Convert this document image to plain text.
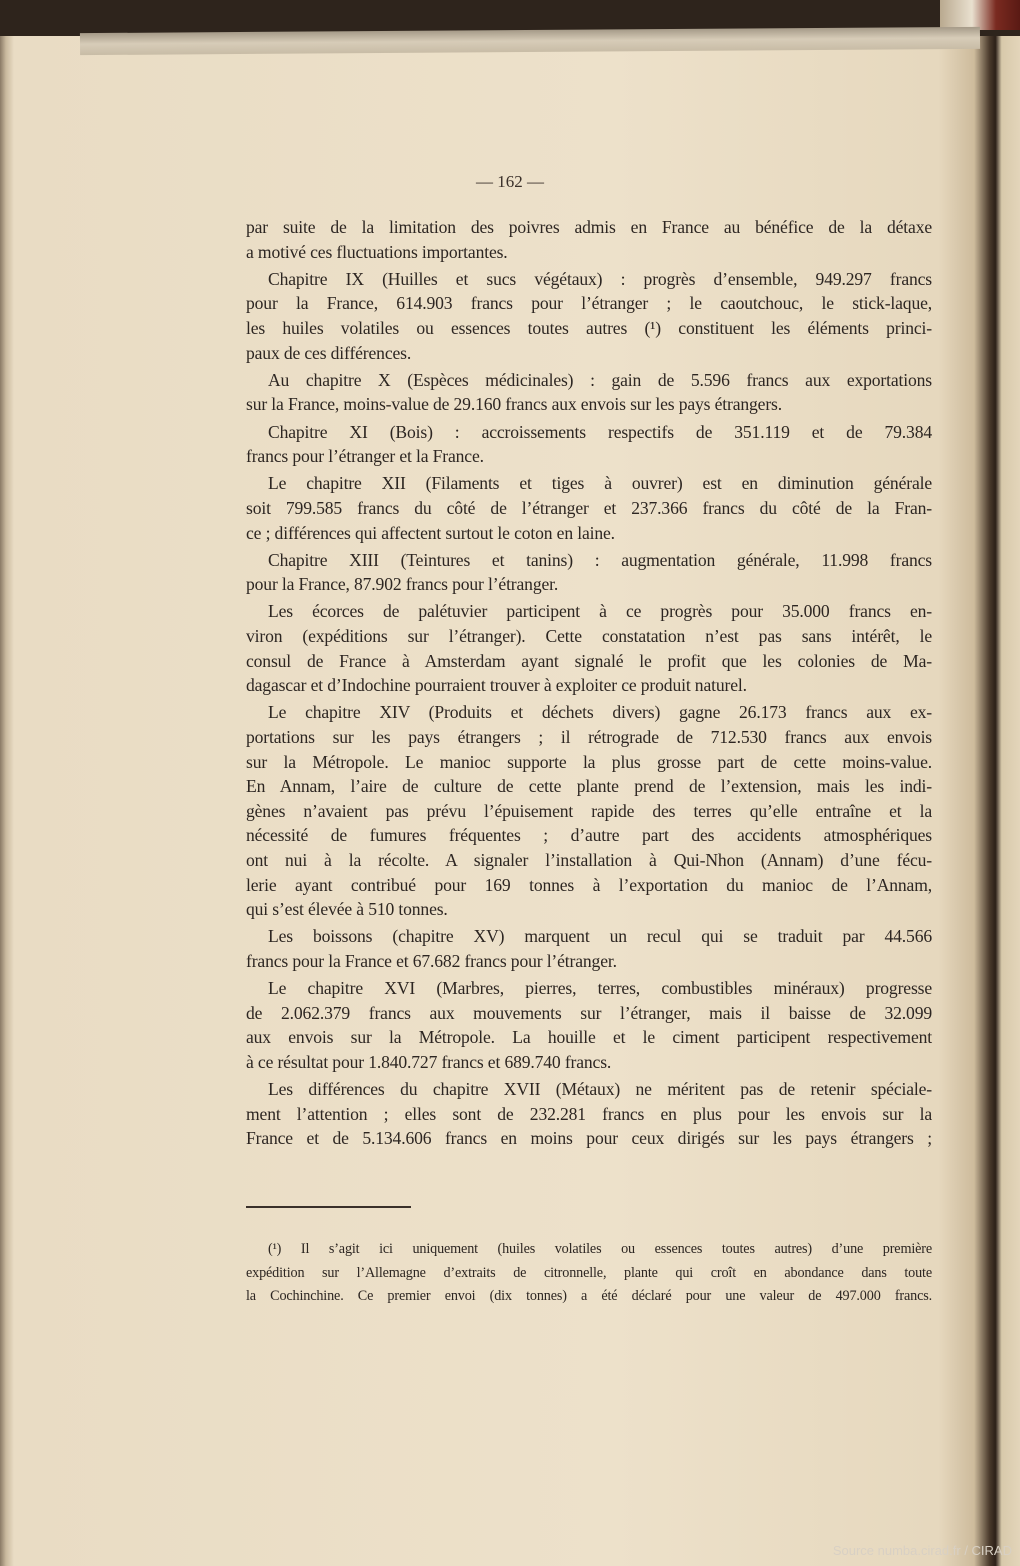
— 162 —
par suite de la limitation des poivres admis en France au bénéfice de la détaxe
a motivé ces fluctuations importantes.
Chapitre IX (Huilles et sucs végétaux) : progrès d’ensemble, 949.297 francs
pour la France, 614.903 francs pour l’étranger ; le caoutchouc, le stick-laque,
les huiles volatiles ou essences toutes autres (¹) constituent les éléments princi-
paux de ces différences.
Au chapitre X (Espèces médicinales) : gain de 5.596 francs aux exportations
sur la France, moins-value de 29.160 francs aux envois sur les pays étrangers.
Chapitre XI (Bois) : accroissements respectifs de 351.119 et de 79.384
francs pour l’étranger et la France.
Le chapitre XII (Filaments et tiges à ouvrer) est en diminution générale
soit 799.585 francs du côté de l’étranger et 237.366 francs du côté de la Fran-
ce ; différences qui affectent surtout le coton en laine.
Chapitre XIII (Teintures et tanins) : augmentation générale, 11.998 francs
pour la France, 87.902 francs pour l’étranger.
Les écorces de palétuvier participent à ce progrès pour 35.000 francs en-
viron (expéditions sur l’étranger). Cette constatation n’est pas sans intérêt, le
consul de France à Amsterdam ayant signalé le profit que les colonies de Ma-
dagascar et d’Indochine pourraient trouver à exploiter ce produit naturel.
Le chapitre XIV (Produits et déchets divers) gagne 26.173 francs aux ex-
portations sur les pays étrangers ; il rétrograde de 712.530 francs aux envois
sur la Métropole. Le manioc supporte la plus grosse part de cette moins-value.
En Annam, l’aire de culture de cette plante prend de l’extension, mais les indi-
gènes n’avaient pas prévu l’épuisement rapide des terres qu’elle entraîne et la
nécessité de fumures fréquentes ; d’autre part des accidents atmosphériques
ont nui à la récolte. A signaler l’installation à Qui-Nhon (Annam) d’une fécu-
lerie ayant contribué pour 169 tonnes à l’exportation du manioc de l’Annam,
qui s’est élevée à 510 tonnes.
Les boissons (chapitre XV) marquent un recul qui se traduit par 44.566
francs pour la France et 67.682 francs pour l’étranger.
Le chapitre XVI (Marbres, pierres, terres, combustibles minéraux) progresse
de 2.062.379 francs aux mouvements sur l’étranger, mais il baisse de 32.099
aux envois sur la Métropole. La houille et le ciment participent respectivement
à ce résultat pour 1.840.727 francs et 689.740 francs.
Les différences du chapitre XVII (Métaux) ne méritent pas de retenir spéciale-
ment l’attention ; elles sont de 232.281 francs en plus pour les envois sur la
France et de 5.134.606 francs en moins pour ceux dirigés sur les pays étrangers ;
(¹) Il s’agit ici uniquement (huiles volatiles ou essences toutes autres) d’une première
expédition sur l’Allemagne d’extraits de citronnelle, plante qui croît en abondance dans toute
la Cochinchine. Ce premier envoi (dix tonnes) a été déclaré pour une valeur de 497.000 francs.
Source numba.cirad.fr / CIRAD
